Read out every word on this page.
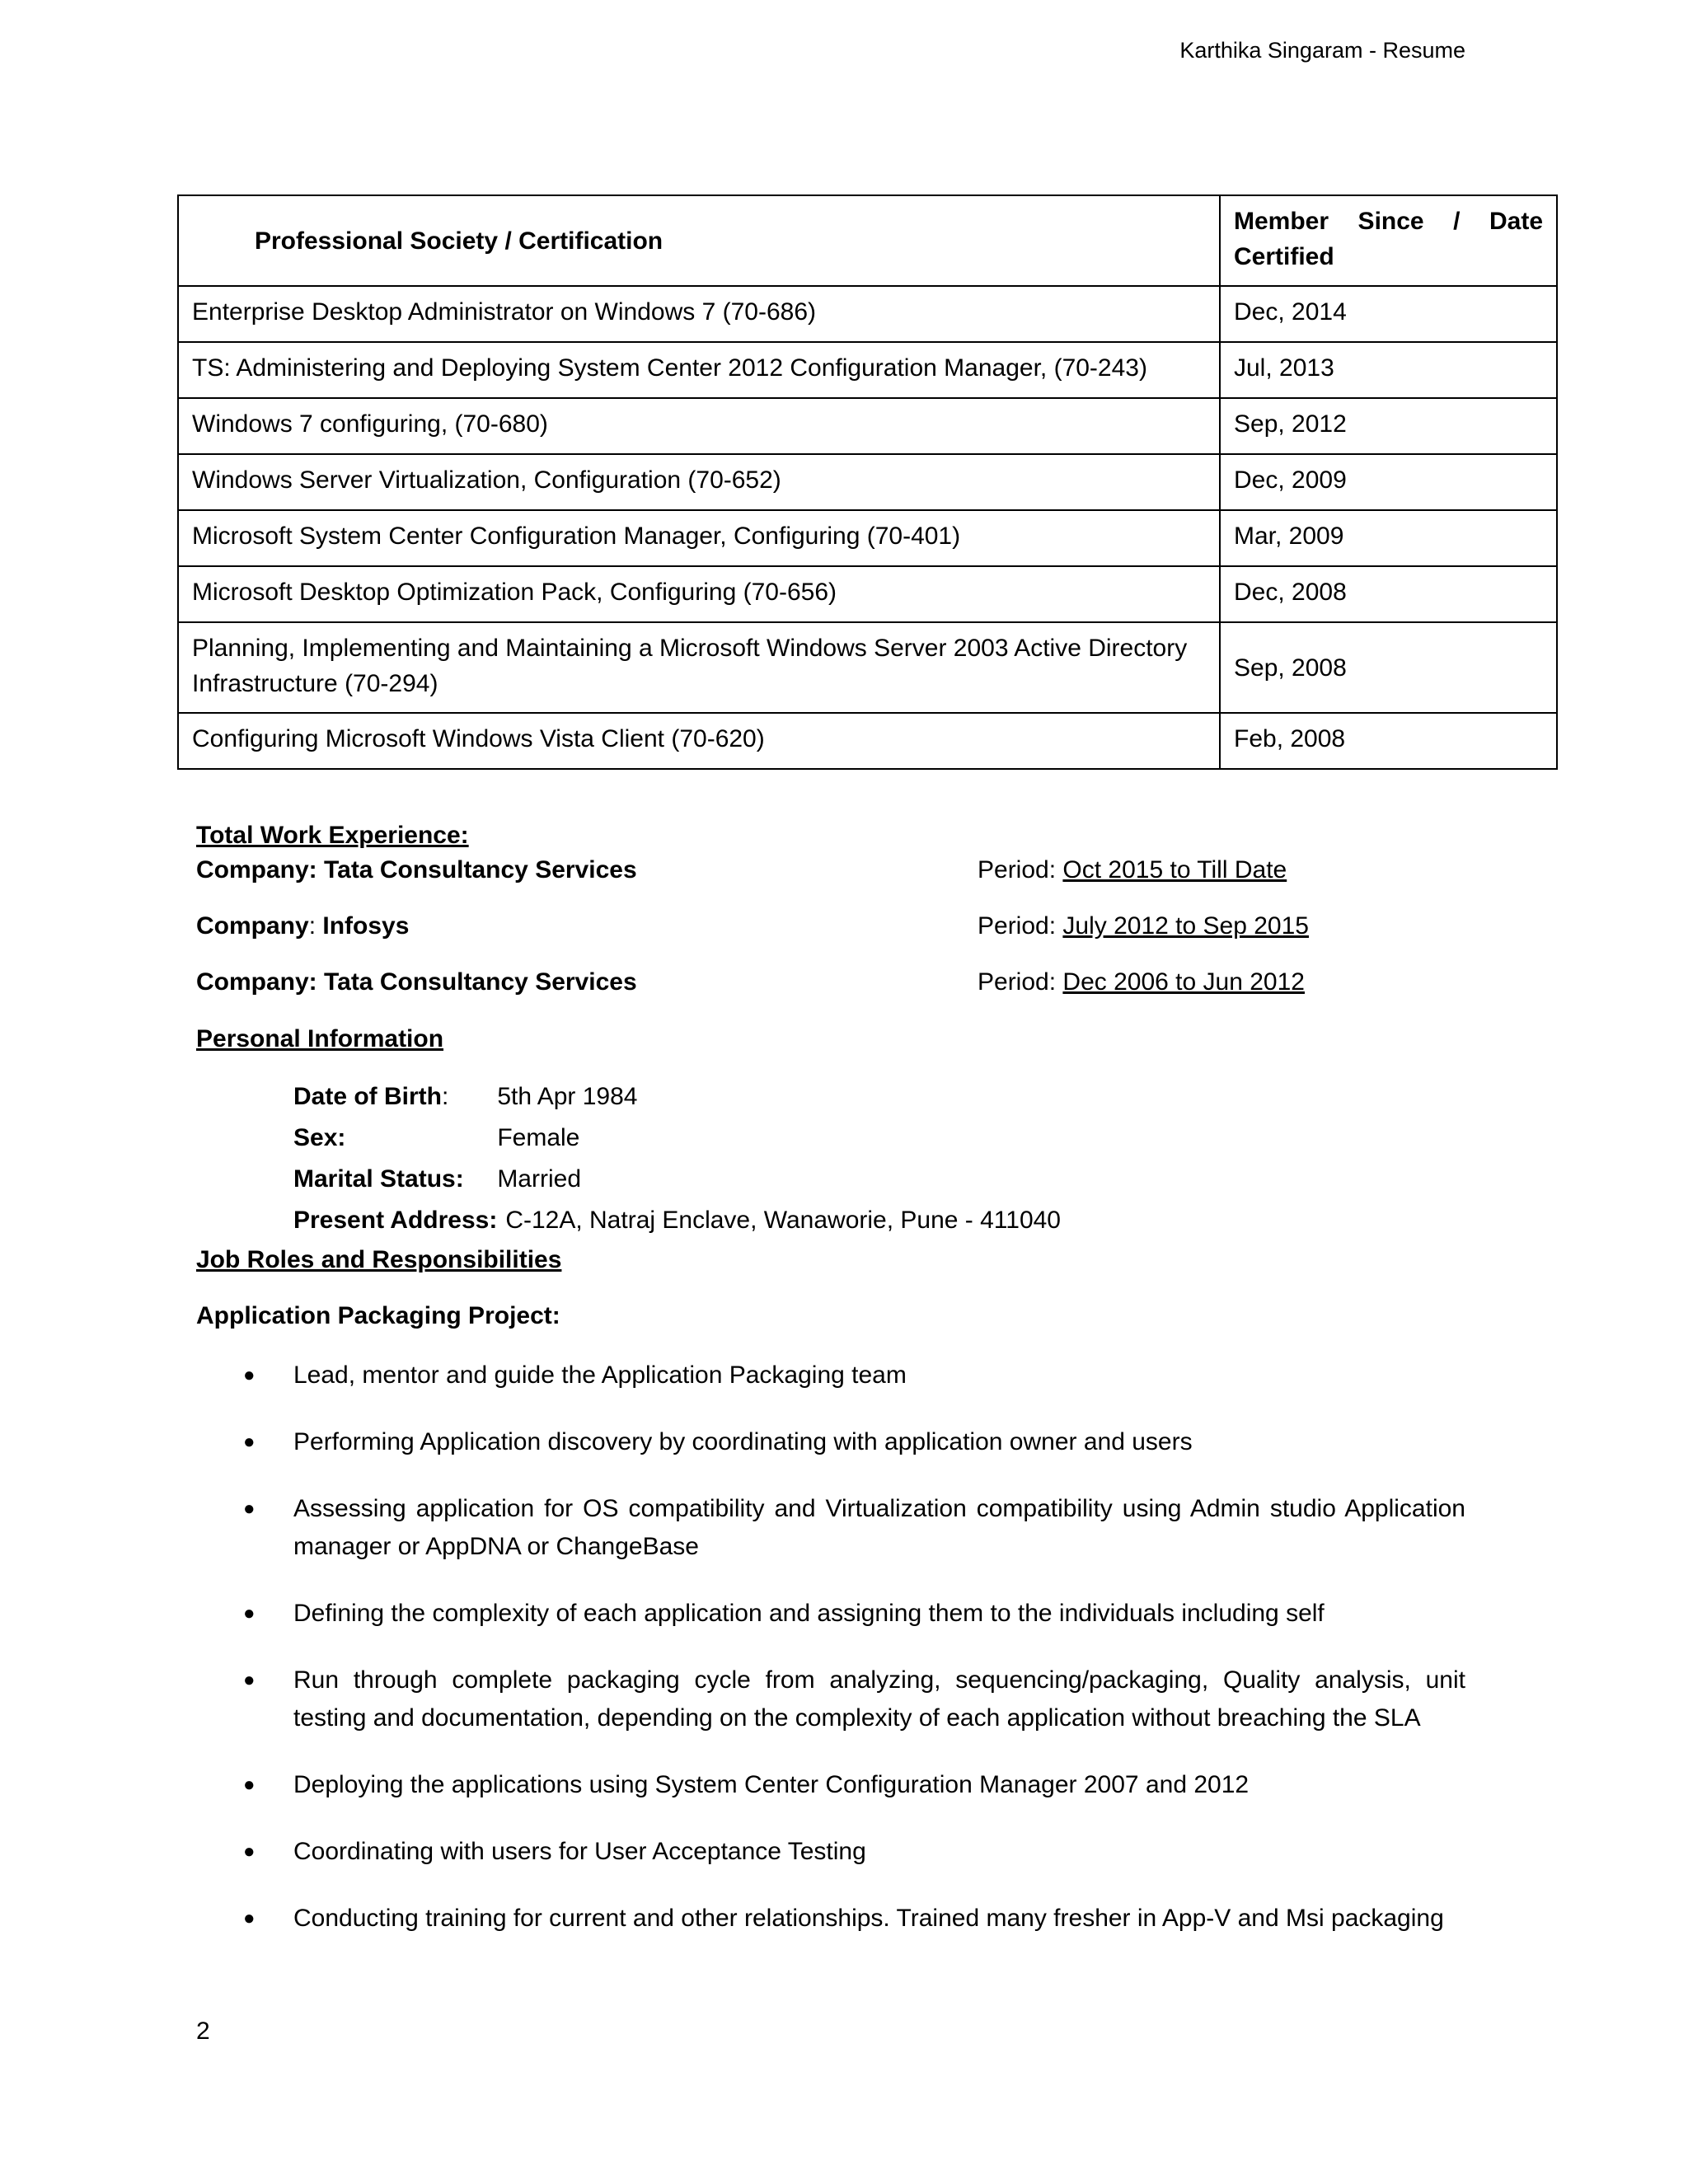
Karthika Singaram - Resume
Professional Society / Certification	Member Since / Date Certified
Enterprise Desktop Administrator on Windows 7 (70-686)	Dec, 2014
TS: Administering and Deploying System Center 2012 Configuration Manager, (70-243)	Jul, 2013
Windows 7 configuring, (70-680)	Sep, 2012
Windows Server Virtualization, Configuration (70-652)	Dec, 2009
Microsoft System Center Configuration Manager, Configuring (70-401)	Mar, 2009
Microsoft Desktop Optimization Pack, Configuring (70-656)	Dec, 2008
Planning, Implementing and Maintaining a Microsoft Windows Server 2003 Active Directory Infrastructure (70-294)	Sep, 2008
Configuring Microsoft Windows Vista Client (70-620)	Feb, 2008
Total Work Experience:
Company: Tata Consultancy Services	Period: Oct 2015 to Till Date
Company: Infosys	Period: July 2012 to Sep 2015
Company: Tata Consultancy Services	Period: Dec 2006 to Jun 2012
Personal Information
Date of Birth:	5th Apr 1984
Sex:	Female
Marital Status:	Married
Present Address:	C-12A, Natraj Enclave, Wanaworie, Pune - 411040
Job Roles and Responsibilities
Application Packaging Project:
● Lead, mentor and guide the Application Packaging team
● Performing Application discovery by coordinating with application owner and users
● Assessing application for OS compatibility and Virtualization compatibility using Admin studio Application manager or AppDNA or ChangeBase
● Defining the complexity of each application and assigning them to the individuals including self
● Run through complete packaging cycle from analyzing, sequencing/packaging, Quality analysis, unit testing and documentation, depending on the complexity of each application without breaching the SLA
● Deploying the applications using System Center Configuration Manager 2007 and 2012
● Coordinating with users for User Acceptance Testing
● Conducting training for current and other relationships. Trained many fresher in App-V and Msi packaging
2
